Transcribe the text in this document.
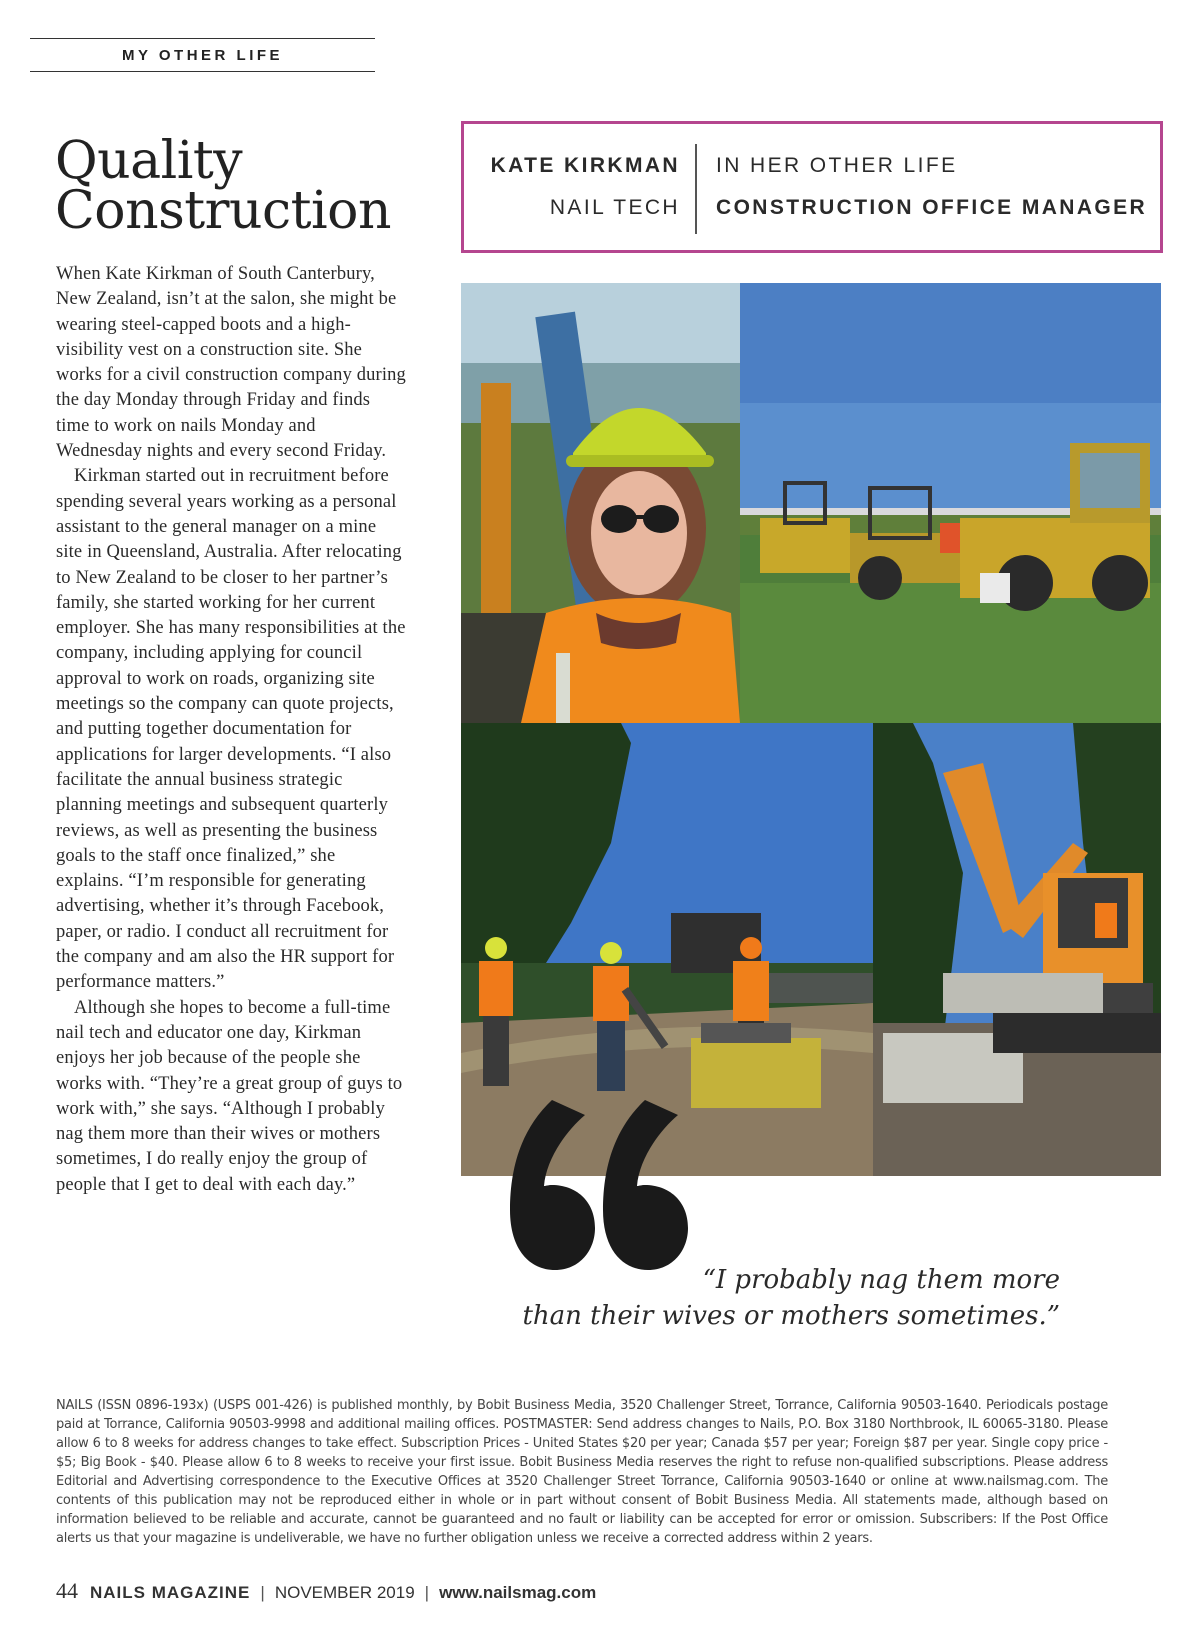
MY OTHER LIFE
Quality
Construction

When Kate Kirkman of South Canterbury, New Zealand, isn’t at the salon, she might be wearing steel-capped boots and a high-visibility vest on a construction site. She works for a civil construction company during the day Monday through Friday and finds time to work on nails Monday and Wednesday nights and every second Friday.

Kirkman started out in recruitment before spending several years working as a personal assistant to the general manager on a mine site in Queensland, Australia. After relocating to New Zealand to be closer to her partner’s family, she started working for her current employer. She has many responsibilities at the company, including applying for council approval to work on roads, organizing site meetings so the company can quote projects, and putting together documentation for applications for larger developments. “I also facilitate the annual business strategic planning meetings and subsequent quarterly reviews, as well as presenting the business goals to the staff once finalized,” she explains. “I’m responsible for generating advertising, whether it’s through Facebook, paper, or radio. I conduct all recruitment for the company and am also the HR support for performance matters.”

Although she hopes to become a full-time nail tech and educator one day, Kirkman enjoys her job because of the people she works with. “They’re a great group of guys to work with,” she says. “Although I probably nag them more than their wives or mothers sometimes, I do really enjoy the group of people that I get to deal with each day.”

KATE KIRKMAN
NAIL TECH
IN HER OTHER LIFE
CONSTRUCTION OFFICE MANAGER
“I probably nag them more
than their wives or mothers sometimes.”
NAILS (ISSN 0896-193x) (USPS 001-426) is published monthly, by Bobit Business Media, 3520 Challenger Street, Torrance, California 90503-1640. Periodicals postage paid at Torrance, California 90503-9998 and additional mailing offices. POSTMASTER: Send address changes to Nails, P.O. Box 3180 Northbrook, IL 60065-3180. Please allow 6 to 8 weeks for address changes to take effect. Subscription Prices - United States $20 per year; Canada $57 per year; Foreign $87 per year. Single copy price - $5; Big Book - $40. Please allow 6 to 8 weeks to receive your first issue. Bobit Business Media reserves the right to refuse non-qualified subscriptions. Please address Editorial and Advertising correspondence to the Executive Offices at 3520 Challenger Street Torrance, California 90503-1640 or online at www.nailsmag.com. The contents of this publication may not be reproduced either in whole or in part without consent of Bobit Business Media. All statements made, although based on information believed to be reliable and accurate, cannot be guaranteed and no fault or liability can be accepted for error or omission. Subscribers: If the Post Office alerts us that your magazine is undeliverable, we have no further obligation unless we receive a corrected address within 2 years.
44 NAILS MAGAZINE | NOVEMBER 2019 | www.nailsmag.com
